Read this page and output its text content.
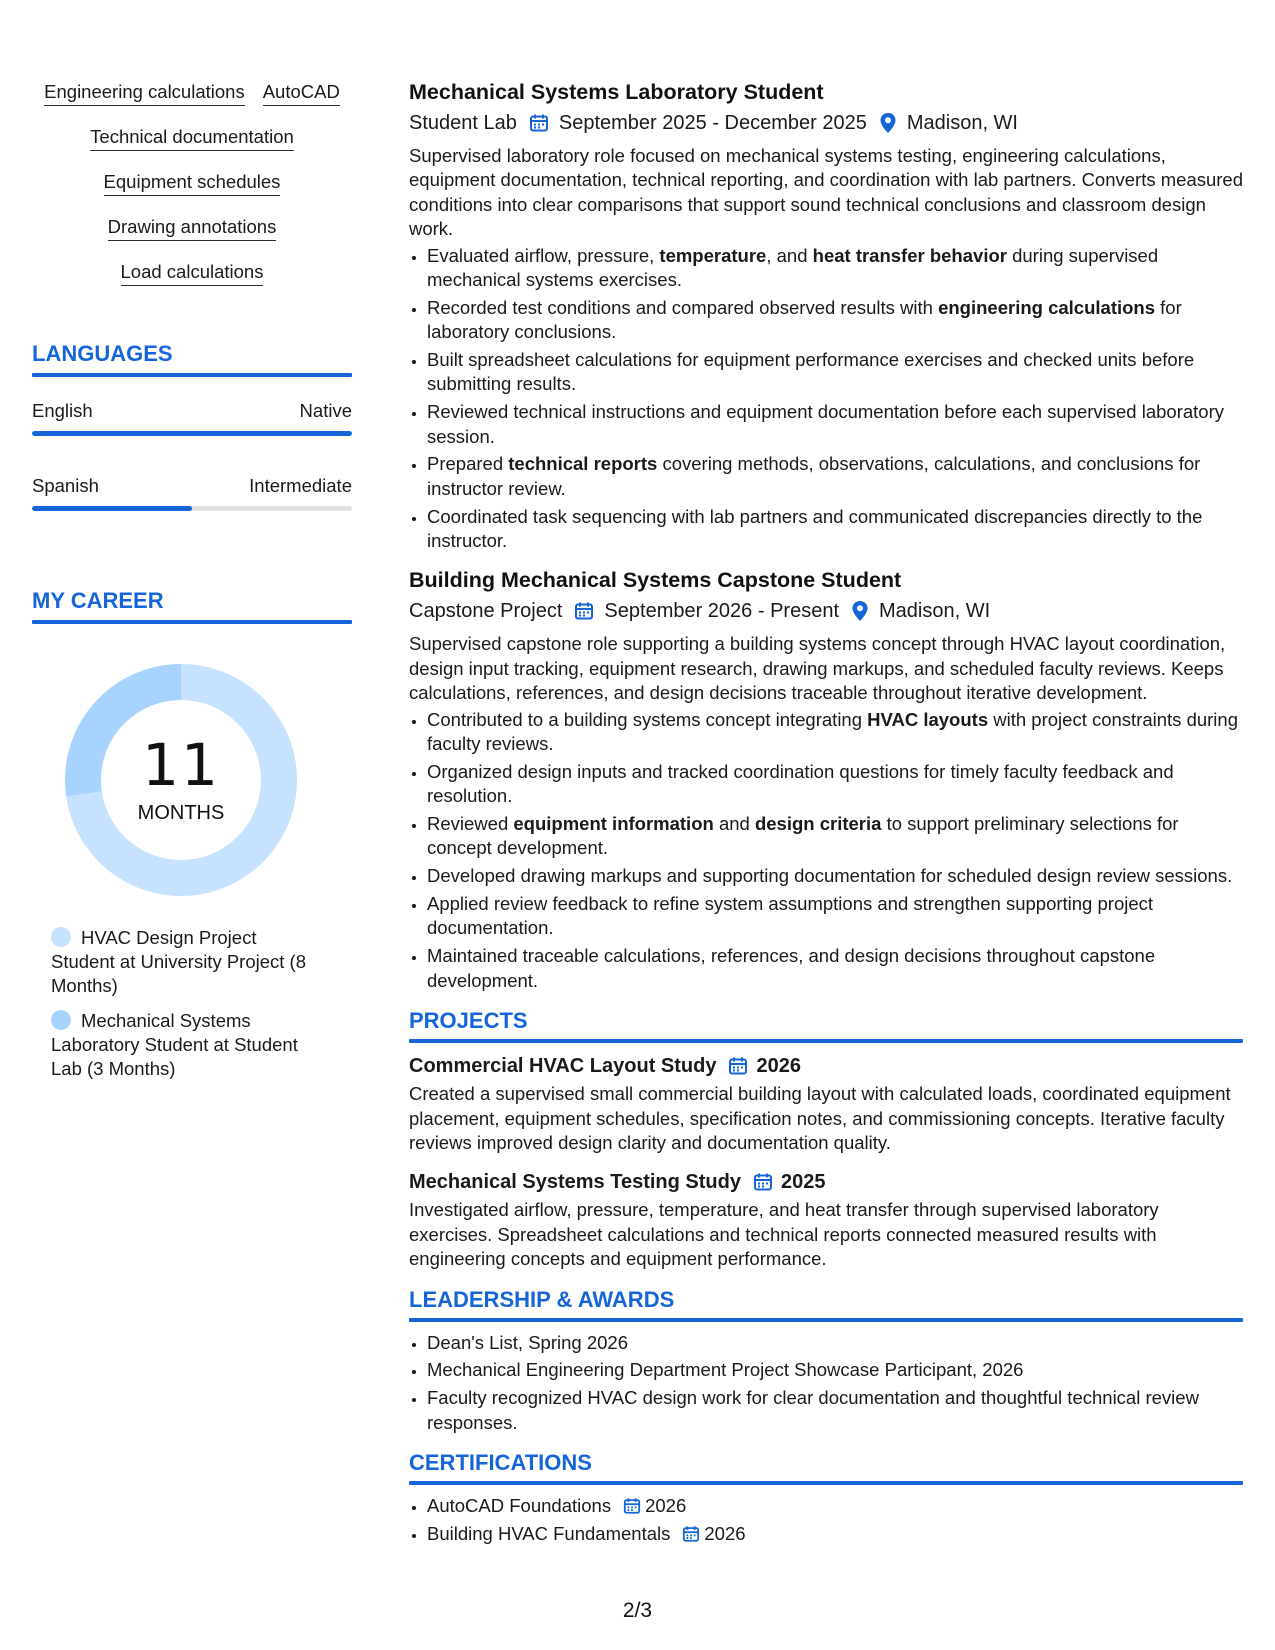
Engineering calculations AutoCAD
Technical documentation
Equipment schedules
Drawing annotations
Load calculations
LANGUAGES
English	Native
Spanish	Intermediate
MY CAREER
11
MONTHS
HVAC Design Project Student at University Project (8 Months)
Mechanical Systems Laboratory Student at Student Lab (3 Months)
Mechanical Systems Laboratory Student
Student Lab September 2025 - December 2025 Madison, WI

Supervised laboratory role focused on mechanical systems testing, engineering calculations, equipment documentation, technical reporting, and coordination with lab partners. Converts measured conditions into clear comparisons that support sound technical conclusions and classroom design work.

• Evaluated airflow, pressure, temperature, and heat transfer behavior during supervised mechanical systems exercises.
• Recorded test conditions and compared observed results with engineering calculations for laboratory conclusions.
• Built spreadsheet calculations for equipment performance exercises and checked units before submitting results.
• Reviewed technical instructions and equipment documentation before each supervised laboratory session.
• Prepared technical reports covering methods, observations, calculations, and conclusions for instructor review.
• Coordinated task sequencing with lab partners and communicated discrepancies directly to the instructor.
Building Mechanical Systems Capstone Student
Capstone Project September 2026 - Present Madison, WI

Supervised capstone role supporting a building systems concept through HVAC layout coordination, design input tracking, equipment research, drawing markups, and scheduled faculty reviews. Keeps calculations, references, and design decisions traceable throughout iterative development.

• Contributed to a building systems concept integrating HVAC layouts with project constraints during faculty reviews.
• Organized design inputs and tracked coordination questions for timely faculty feedback and resolution.
• Reviewed equipment information and design criteria to support preliminary selections for concept development.
• Developed drawing markups and supporting documentation for scheduled design review sessions.
• Applied review feedback to refine system assumptions and strengthen supporting project documentation.
• Maintained traceable calculations, references, and design decisions throughout capstone development.
PROJECTS
Commercial HVAC Layout Study 2026

Created a supervised small commercial building layout with calculated loads, coordinated equipment placement, equipment schedules, specification notes, and commissioning concepts. Iterative faculty reviews improved design clarity and documentation quality.

Mechanical Systems Testing Study 2025

Investigated airflow, pressure, temperature, and heat transfer through supervised laboratory exercises. Spreadsheet calculations and technical reports connected measured results with engineering concepts and equipment performance.

LEADERSHIP & AWARDS
• Dean's List, Spring 2026
• Mechanical Engineering Department Project Showcase Participant, 2026
• Faculty recognized HVAC design work for clear documentation and thoughtful technical review responses.
CERTIFICATIONS
• AutoCAD Foundations 2026
• Building HVAC Fundamentals 2026
2/3
